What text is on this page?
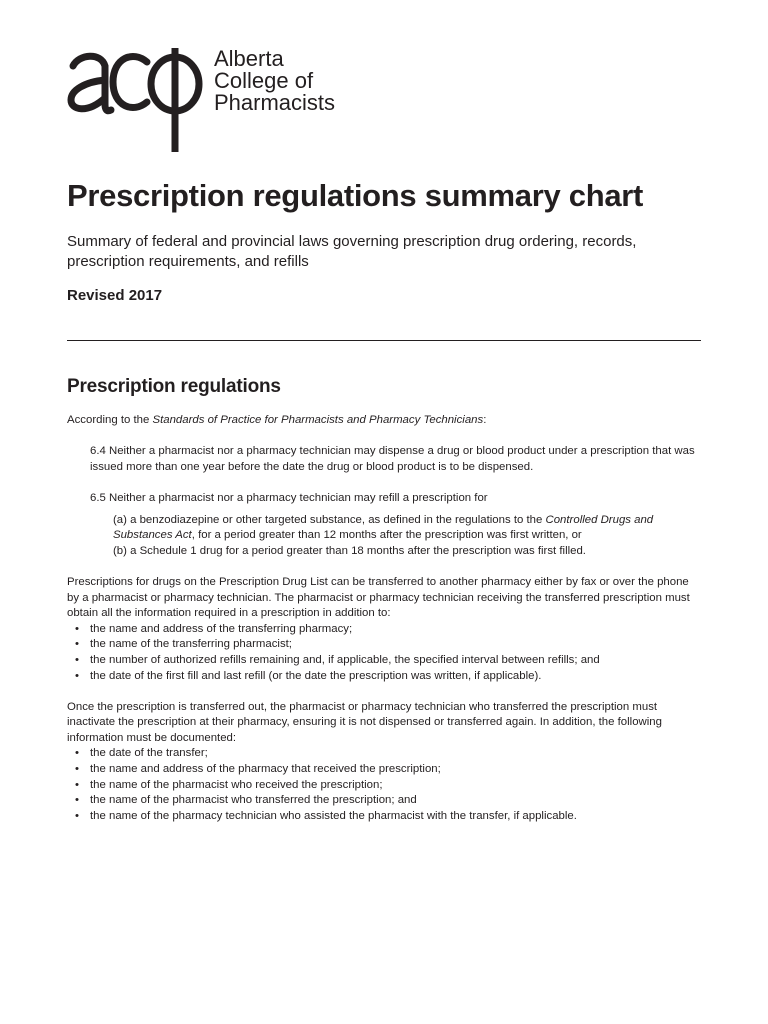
Alberta
College of
Pharmacists
Prescription regulations summary chart

Summary of federal and provincial laws governing prescription drug ordering, records, prescription requirements, and refills

Revised 2017

Prescription regulations

According to the Standards of Practice for Pharmacists and Pharmacy Technicians:

6.4 Neither a pharmacist nor a pharmacy technician may dispense a drug or blood product under a prescription that was issued more than one year before the date the drug or blood product is to be dispensed.

6.5 Neither a pharmacist nor a pharmacy technician may refill a prescription for

(a) a benzodiazepine or other targeted substance, as defined in the regulations to the Controlled Drugs and Substances Act, for a period greater than 12 months after the prescription was first written, or

(b) a Schedule 1 drug for a period greater than 18 months after the prescription was first filled.

Prescriptions for drugs on the Prescription Drug List can be transferred to another pharmacy either by fax or over the phone by a pharmacist or pharmacy technician. The pharmacist or pharmacy technician receiving the transferred prescription must obtain all the information required in a prescription in addition to:

• the name and address of the transferring pharmacy;
• the name of the transferring pharmacist;
• the number of authorized refills remaining and, if applicable, the specified interval between refills; and
• the date of the first fill and last refill (or the date the prescription was written, if applicable).

Once the prescription is transferred out, the pharmacist or pharmacy technician who transferred the prescription must inactivate the prescription at their pharmacy, ensuring it is not dispensed or transferred again. In addition, the following information must be documented:

• the date of the transfer;
• the name and address of the pharmacy that received the prescription;
• the name of the pharmacist who received the prescription;
• the name of the pharmacist who transferred the prescription; and
• the name of the pharmacy technician who assisted the pharmacist with the transfer, if applicable.
